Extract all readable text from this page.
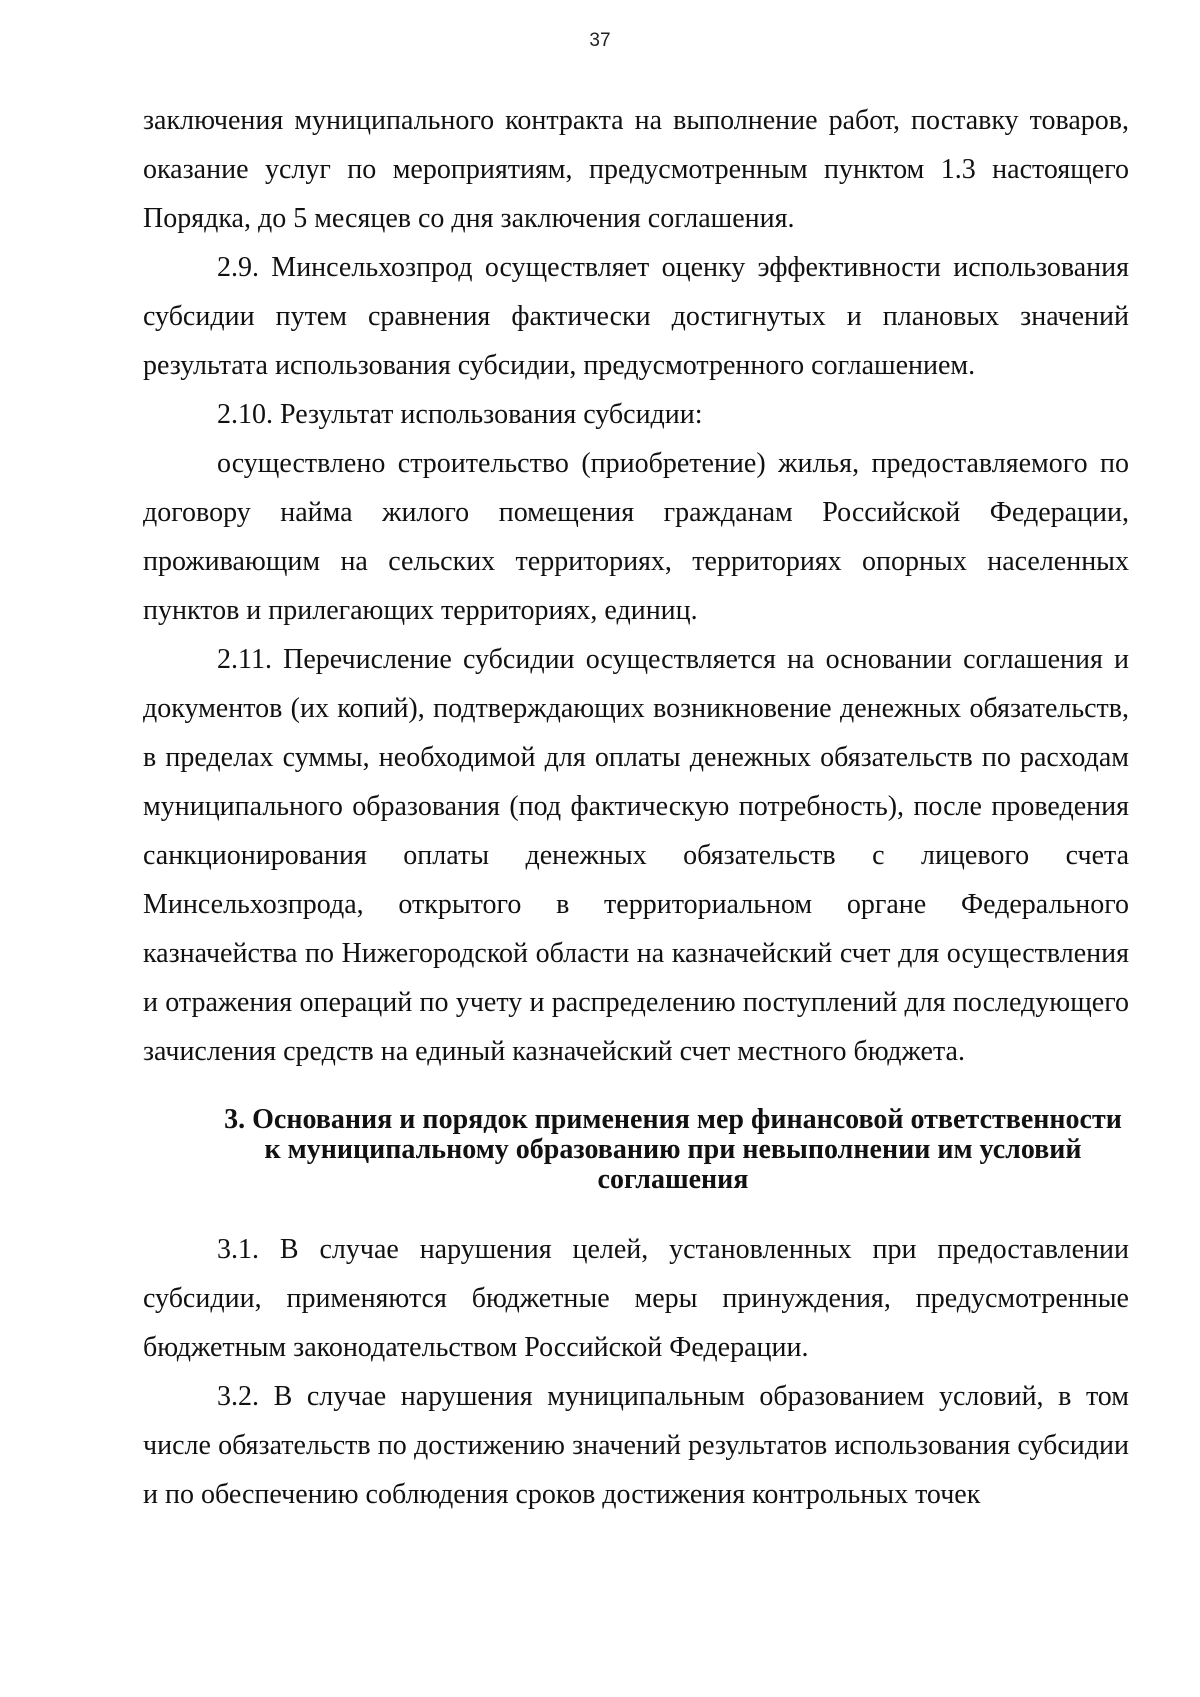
37

заключения муниципального контракта на выполнение работ, поставку товаров, оказание услуг по мероприятиям, предусмотренным пунктом 1.3 настоящего Порядка, до 5 месяцев со дня заключения соглашения.

2.9. Минсельхозпрод осуществляет оценку эффективности использования субсидии путем сравнения фактически достигнутых и плановых значений результата использования субсидии, предусмотренного соглашением.

2.10. Результат использования субсидии:

осуществлено строительство (приобретение) жилья, предоставляемого по договору найма жилого помещения гражданам Российской Федерации, проживающим на сельских территориях, территориях опорных населенных пунктов и прилегающих территориях, единиц.

2.11. Перечисление субсидии осуществляется на основании соглашения и документов (их копий), подтверждающих возникновение денежных обязательств, в пределах суммы, необходимой для оплаты денежных обязательств по расходам муниципального образования (под фактическую потребность), после проведения санкционирования оплаты денежных обязательств с лицевого счета Минсельхозпрода, открытого в территориальном органе Федерального казначейства по Нижегородской области на казначейский счет для осуществления и отражения операций по учету и распределению поступлений для последующего зачисления средств на единый казначейский счет местного бюджета.

3. Основания и порядок применения мер финансовой ответственности к муниципальному образованию при невыполнении им условий соглашения

3.1. В случае нарушения целей, установленных при предоставлении субсидии, применяются бюджетные меры принуждения, предусмотренные бюджетным законодательством Российской Федерации.

3.2. В случае нарушения муниципальным образованием условий, в том числе обязательств по достижению значений результатов использования субсидии и по обеспечению соблюдения сроков достижения контрольных точек
